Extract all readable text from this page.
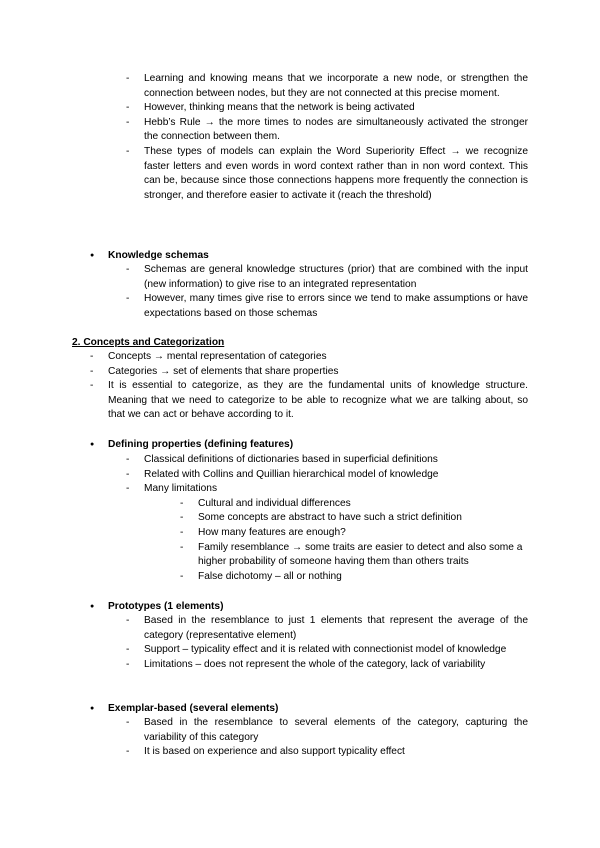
- Learning and knowing means that we incorporate a new node, or strengthen the connection between nodes, but they are not connected at this precise moment.
- However, thinking means that the network is being activated
- Hebb’s Rule → the more times to nodes are simultaneously activated the stronger the connection between them.
- These types of models can explain the Word Superiority Effect → we recognize faster letters and even words in word context rather than in non word context. This can be, because since those connections happens more frequently the connection is stronger, and therefore easier to activate it (reach the threshold)
● Knowledge schemas
- Schemas are general knowledge structures (prior) that are combined with the input (new information) to give rise to an integrated representation
- However, many times give rise to errors since we tend to make assumptions or have expectations based on those schemas
2. Concepts and Categorization
- Concepts → mental representation of categories
- Categories → set of elements that share properties
- It is essential to categorize, as they are the fundamental units of knowledge structure. Meaning that we need to categorize to be able to recognize what we are talking about, so that we can act or behave according to it.
● Defining properties (defining features)
- Classical definitions of dictionaries based in superficial definitions
- Related with Collins and Quillian hierarchical model of knowledge
- Many limitations
- Cultural and individual differences
- Some concepts are abstract to have such a strict definition
- How many features are enough?
- Family resemblance → some traits are easier to detect and also some a higher probability of someone having them than others traits
- False dichotomy – all or nothing
● Prototypes (1 elements)
- Based in the resemblance to just 1 elements that represent the average of the category (representative element)
- Support – typicality effect and it is related with connectionist model of knowledge
- Limitations – does not represent the whole of the category, lack of variability
● Exemplar-based (several elements)
- Based in the resemblance to several elements of the category, capturing the variability of this category
- It is based on experience and also support typicality effect
